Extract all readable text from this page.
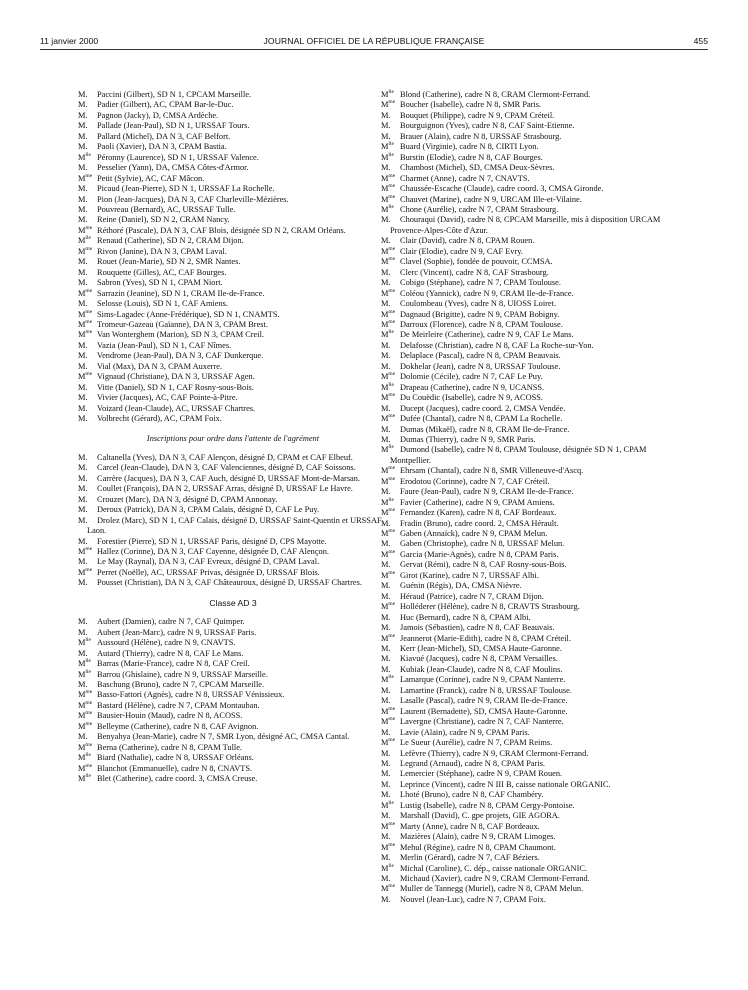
11 janvier 2000	JOURNAL OFFICIEL DE LA RÉPUBLIQUE FRANÇAISE	455
M. Paccini (Gilbert), SD N 1, CPCAM Marseille.
M. Padier (Gilbert), AC, CPAM Bar-le-Duc.
M. Pagnon (Jacky), D, CMSA Ardèche.
M. Pallade (Jean-Paul), SD N 1, URSSAF Tours.
M. Pallard (Michel), DA N 3, CAF Belfort.
M. Paoli (Xavier), DA N 3, CPAM Bastia.
$M^{lle}$ Péronny (Laurence), SD N 1, URSSAF Valence.
M. Pesselier (Yann), DA, CMSA Côtes-d'Armor.
$M^{me}$ Petit (Sylvie), AC, CAF Mâcon.
M. Picaud (Jean-Pierre), SD N 1, URSSAF La Rochelle.
M. Pion (Jean-Jacques), DA N 3, CAF Charleville-Mézières.
M. Pouvreau (Bernard), AC, URSSAF Tulle.
M. Reine (Daniel), SD N 2, CRAM Nancy.
$M^{me}$ Réthoré (Pascale), DA N 3, CAF Blois, désignée SD N 2, CRAM Orléans.
$M^{lle}$ Renaud (Catherine), SD N 2, CRAM Dijon.
$M^{me}$ Rivon (Janine), DA N 3, CPAM Laval.
M. Rouet (Jean-Marie), SD N 2, SMR Nantes.
M. Rouquette (Gilles), AC, CAF Bourges.
M. Sabron (Yves), SD N 1, CPAM Niort.
$M^{me}$ Sarrazin (Jeanine), SD N 1, CRAM Ile-de-France.
M. Selosse (Louis), SD N 1, CAF Amiens.
$M^{me}$ Sims-Lagadec (Anne-Frédérique), SD N 1, CNAMTS.
$M^{me}$ Tromeur-Gazeau (Gaïanne), DA N 3, CPAM Brest.
$M^{me}$ Van Wonterghem (Marion), SD N 3, CPAM Creil.
M. Vazia (Jean-Paul), SD N 1, CAF Nîmes.
M. Vendrome (Jean-Paul), DA N 3, CAF Dunkerque.
M. Vial (Max), DA N 3, CPAM Auxerre.
$M^{me}$ Vignaud (Christiane), DA N 3, URSSAF Agen.
M. Vitte (Daniel), SD N 1, CAF Rosny-sous-Bois.
M. Vivier (Jacques), AC, CAF Pointe-à-Pitre.
M. Voizard (Jean-Claude), AC, URSSAF Chartres.
M. Volbrecht (Gérard), AC, CPAM Foix.
Inscriptions pour ordre dans l'attente de l'agrément
M. Caltanella (Yves), DA N 3, CAF Alençon, désigné D, CPAM et CAF Elbeuf.
M. Carcel (Jean-Claude), DA N 3, CAF Valenciennes, désigné D, CAF Soissons.
M. Carrère (Jacques), DA N 3, CAF Auch, désigné D, URSSAF Mont-de-Marsan.
M. Coullet (François), DA N 2, URSSAF Arras, désigné D, URSSAF Le Havre.
M. Crouzet (Marc), DA N 3, désigné D, CPAM Annonay.
M. Deroux (Patrick), DA N 3, CPAM Calais, désigné D, CAF Le Puy.
M. Drolez (Marc), SD N 1, CAF Calais, désigné D, URSSAF Saint-Quentin et URSSAF Laon.
M. Forestier (Pierre), SD N 1, URSSAF Paris, désigné D, CPS Mayotte.
$M^{me}$ Hallez (Corinne), DA N 3, CAF Cayenne, désignée D, CAF Alençon.
M. Le May (Raynal), DA N 3, CAF Evreux, désigné D, CPAM Laval.
$M^{me}$ Perret (Noëlle), AC, URSSAF Privas, désignée D, URSSAF Blois.
M. Pousset (Christian), DA N 3, CAF Châteauroux, désigné D, URSSAF Chartres.
Classe AD 3
M. Aubert (Damien), cadre N 7, CAF Quimper.
M. Aubert (Jean-Marc), cadre N 9, URSSAF Paris.
$M^{lle}$ Aussourd (Hélène), cadre N 9, CNAVTS.
M. Autard (Thierry), cadre N 8, CAF Le Mans.
$M^{lle}$ Barras (Marie-France), cadre N 8, CAF Creil.
$M^{lle}$ Barrou (Ghislaine), cadre N 9, URSSAF Marseille.
M. Baschung (Bruno), cadre N 7, CPCAM Marseille.
$M^{me}$ Basso-Fattori (Agnès), cadre N 8, URSSAF Vénissieux.
$M^{me}$ Bastard (Hélène), cadre N 7, CPAM Montauban.
$M^{me}$ Bausier-Houin (Maud), cadre N 8, ACOSS.
$M^{me}$ Belleyme (Catherine), cadre N 8, CAF Avignon.
M. Benyahya (Jean-Marie), cadre N 7, SMR Lyon, désigné AC, CMSA Cantal.
$M^{me}$ Berna (Catherine), cadre N 8, CPAM Tulle.
$M^{lle}$ Biard (Nathalie), cadre N 8, URSSAF Orléans.
$M^{me}$ Blanchot (Emmanuelle), cadre N 8, CNAVTS.
$M^{lle}$ Blet (Catherine), cadre coord. 3, CMSA Creuse.
$M^{lle}$ Blond (Catherine), cadre N 8, CRAM Clermont-Ferrand.
$M^{me}$ Boucher (Isabelle), cadre N 8, SMR Paris.
M. Bouquet (Philippe), cadre N 9, CPAM Créteil.
M. Bourguignon (Yves), cadre N 8, CAF Saint-Etienne.
M. Brauer (Alain), cadre N 8, URSSAF Strasbourg.
$M^{lle}$ Buard (Virginie), cadre N 8, CIRTI Lyon.
$M^{lle}$ Burstin (Elodie), cadre N 8, CAF Bourges.
M. Chambost (Michel), SD, CMSA Deux-Sèvres.
$M^{me}$ Charmet (Anne), cadre N 7, CNAVTS.
$M^{me}$ Chaussée-Escache (Claude), cadre coord. 3, CMSA Gironde.
$M^{me}$ Chauvet (Marine), cadre N 9, URCAM Ille-et-Vilaine.
$M^{lle}$ Chone (Aurélie), cadre N 7, CPAM Strasbourg.
M. Chouraqui (David), cadre N 8, CPCAM Marseille, mis à disposition URCAM Provence-Alpes-Côte d'Azur.
M. Clair (David), cadre N 8, CPAM Rouen.
$M^{me}$ Clair (Elodie), cadre N 9, CAF Evry.
$M^{me}$ Clavel (Sophie), fondée de pouvoir, CCMSA.
M. Clerc (Vincent), cadre N 8, CAF Strasbourg.
M. Cobigo (Stéphane), cadre N 7, CPAM Toulouse.
$M^{me}$ Coléou (Yannick), cadre N 9, CRAM Ile-de-France.
M. Coulombeau (Yves), cadre N 8, UIOSS Loiret.
$M^{me}$ Dagnaud (Brigitte), cadre N 9, CPAM Bobigny.
$M^{me}$ Darroux (Florence), cadre N 8, CPAM Toulouse.
$M^{lle}$ De Meirleire (Catherine), cadre N 9, CAF Le Mans.
M. Delafosse (Christian), cadre N 8, CAF La Roche-sur-Yon.
M. Delaplace (Pascal), cadre N 8, CPAM Beauvais.
M. Dokhelar (Jean), cadre N 8, URSSAF Toulouse.
$M^{me}$ Dolomie (Cécile), cadre N 7, CAF Le Puy.
$M^{lle}$ Drapeau (Catherine), cadre N 9, UCANSS.
$M^{me}$ Du Couëdic (Isabelle), cadre N 9, ACOSS.
M. Ducept (Jacques), cadre coord. 2, CMSA Vendée.
$M^{me}$ Dufée (Chantal), cadre N 8, CPAM La Rochelle.
M. Dumas (Mikaël), cadre N 8, CRAM Ile-de-France.
M. Dumas (Thierry), cadre N 9, SMR Paris.
$M^{lle}$ Dumond (Isabelle), cadre N 8, CPAM Toulouse, désignée SD N 1, CPAM Montpellier.
$M^{me}$ Ehrsam (Chantal), cadre N 8, SMR Villeneuve-d'Ascq.
$M^{me}$ Erodotou (Corinne), cadre N 7, CAF Créteil.
M. Faure (Jean-Paul), cadre N 9, CRAM Ile-de-France.
$M^{lle}$ Favier (Catherine), cadre N 9, CPAM Amiens.
$M^{me}$ Fernandez (Karen), cadre N 8, CAF Bordeaux.
M. Fradin (Bruno), cadre coord. 2, CMSA Hérault.
$M^{me}$ Gaben (Annaïck), cadre N 9, CPAM Melun.
M. Gaben (Christophe), cadre N 8, URSSAF Melun.
$M^{me}$ Garcia (Marie-Agnès), cadre N 8, CPAM Paris.
M. Gervat (Rémi), cadre N 8, CAF Rosny-sous-Bois.
$M^{me}$ Girot (Karine), cadre N 7, URSSAF Albi.
M. Guénin (Régis), DA, CMSA Nièvre.
M. Héraud (Patrice), cadre N 7, CRAM Dijon.
$M^{me}$ Holléderer (Hélène), cadre N 8, CRAVTS Strasbourg.
M. Huc (Bernard), cadre N 8, CPAM Albi.
M. Jamois (Sébastien), cadre N 8, CAF Beauvais.
$M^{me}$ Jeannerot (Marie-Edith), cadre N 8, CPAM Créteil.
M. Kerr (Jean-Michel), SD, CMSA Haute-Garonne.
M. Kiavué (Jacques), cadre N 8, CPAM Versailles.
M. Kubiak (Jean-Claude), cadre N 8, CAF Moulins.
$M^{lle}$ Lamarque (Corinne), cadre N 9, CPAM Nanterre.
M. Lamartine (Franck), cadre N 8, URSSAF Toulouse.
M. Lasalle (Pascal), cadre N 9, CRAM Ile-de-France.
$M^{me}$ Laurent (Bernadette), SD, CMSA Haute-Garonne.
$M^{me}$ Lavergne (Christiane), cadre N 7, CAF Nanterre.
M. Lavie (Alain), cadre N 9, CPAM Paris.
$M^{me}$ Le Sueur (Aurélie), cadre N 7, CPAM Reims.
M. Lefèvre (Thierry), cadre N 9, CRAM Clermont-Ferrand.
M. Legrand (Arnaud), cadre N 8, CPAM Paris.
M. Lemercier (Stéphane), cadre N 9, CPAM Rouen.
M. Leprince (Vincent), cadre N III B, caisse nationale ORGANIC.
M. Lhoté (Bruno), cadre N 8, CAF Chambéry.
$M^{lle}$ Lustig (Isabelle), cadre N 8, CPAM Cergy-Pontoise.
M. Marshall (David), C. gpe projets, GIE AGORA.
$M^{me}$ Marty (Anne), cadre N 8, CAF Bordeaux.
M. Mazières (Alain), cadre N 9, CRAM Limoges.
$M^{me}$ Mehul (Régine), cadre N 8, CPAM Chaumont.
M. Merlin (Gérard), cadre N 7, CAF Béziers.
$M^{lle}$ Michal (Caroline), C. dép., caisse nationale ORGANIC.
M. Michaud (Xavier), cadre N 9, CRAM Clermont-Ferrand.
$M^{me}$ Muller de Tannegg (Muriel), cadre N 8, CPAM Melun.
M. Nouvel (Jean-Luc), cadre N 7, CPAM Foix.
